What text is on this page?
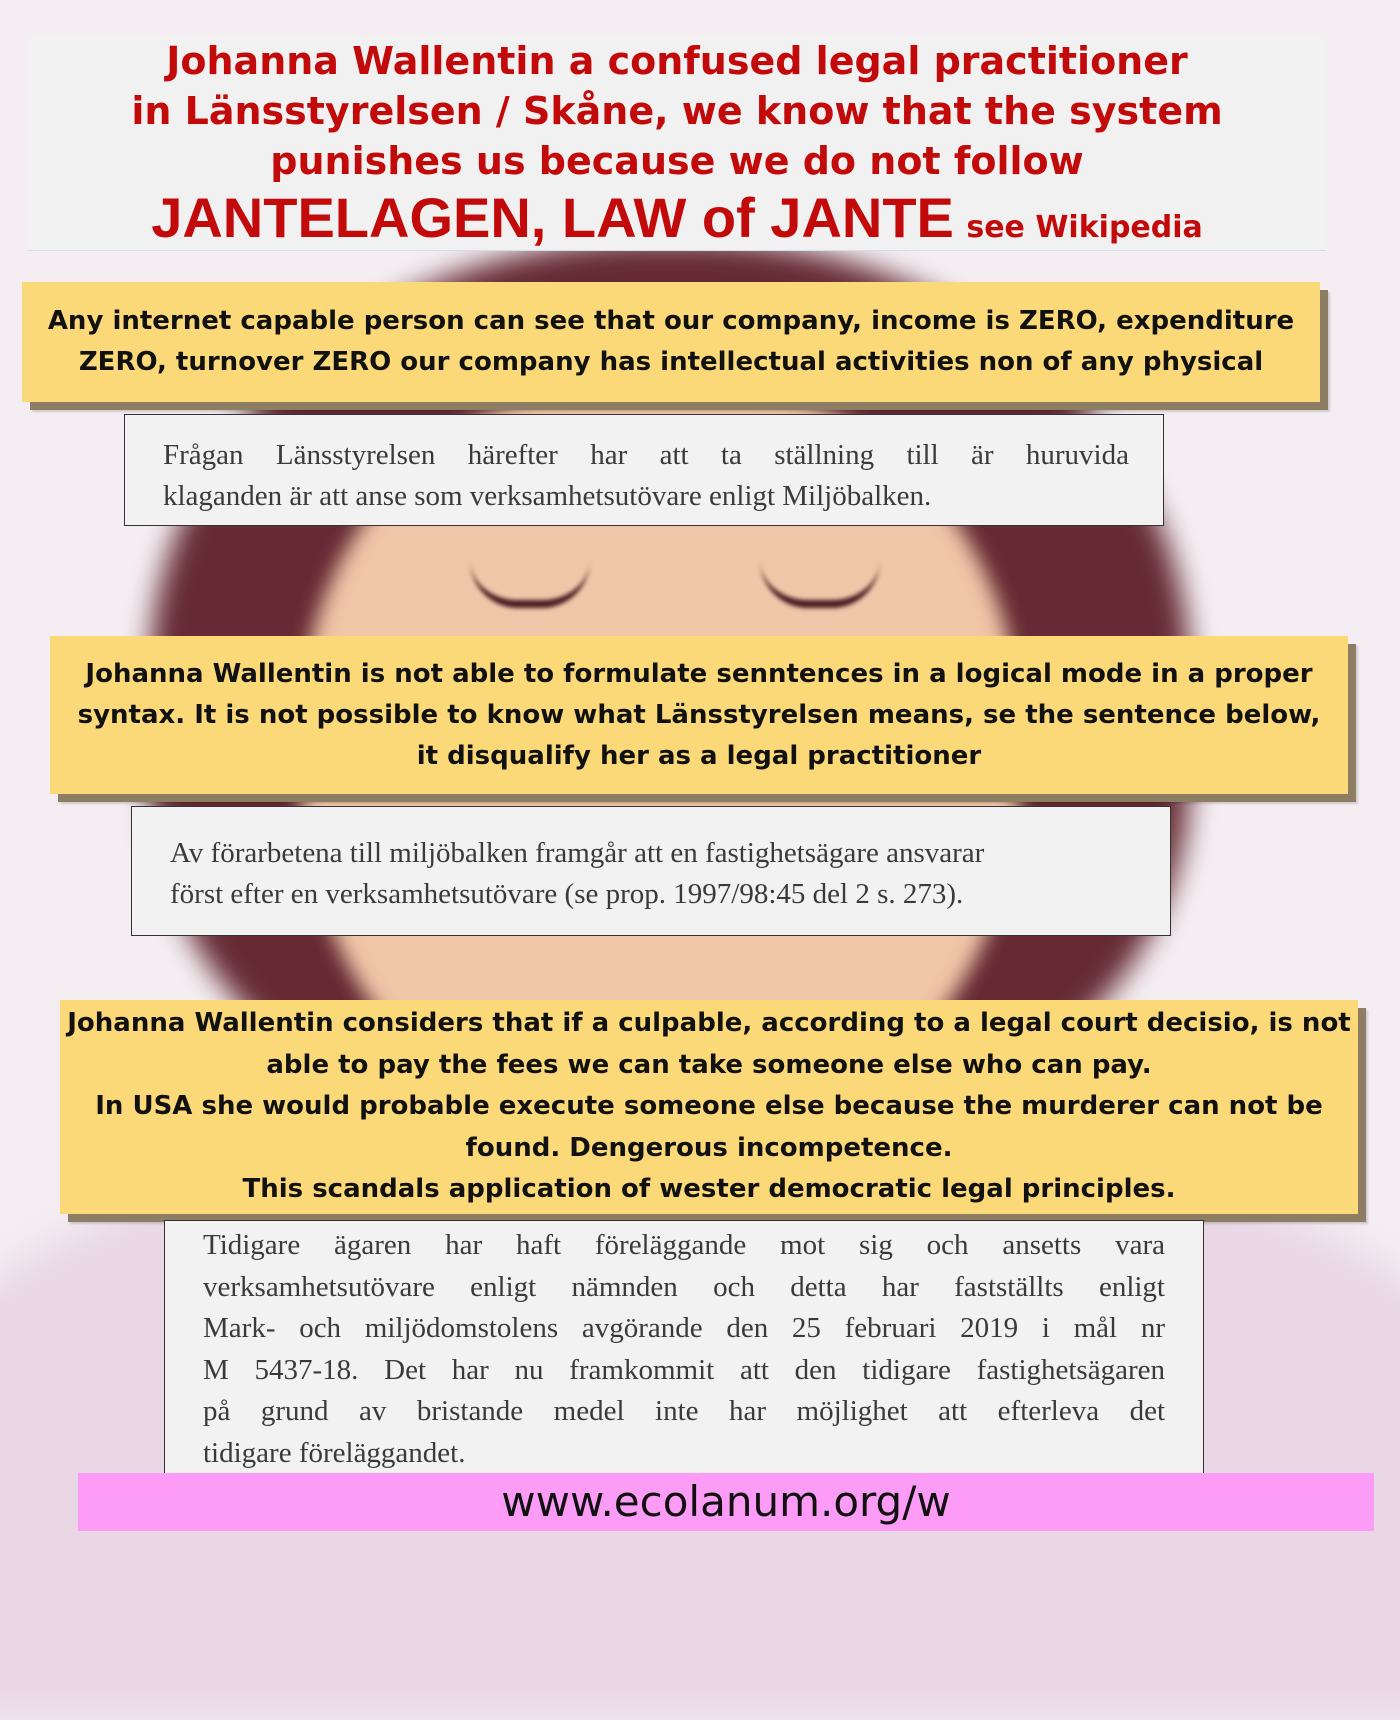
Johanna Wallentin a confused legal practitioner
in Länsstyrelsen / Skåne, we know that the system
punishes us because we do not follow
JANTELAGEN, LAW of JANTE see Wikipedia
Any internet capable person can see that our company, income is ZERO, expenditure
ZERO, turnover ZERO our company has intellectual activities non of any physical
Frågan Länsstyrelsen härefter har att ta ställning till är huruvida
klaganden är att anse som verksamhetsutövare enligt Miljöbalken.
Johanna Wallentin is not able to formulate senntences in a logical mode in a proper
syntax. It is not possible to know what Länsstyrelsen means, se the sentence below,
it disqualify her as a legal practitioner
Av förarbetena till miljöbalken framgår att en fastighetsägare ansvarar
först efter en verksamhetsutövare (se prop. 1997/98:45 del 2 s. 273).
Johanna Wallentin considers that if a culpable, according to a legal court decisio, is not
able to pay the fees we can take someone else who can pay.
In USA she would probable execute someone else because the murderer can not be
found. Dengerous incompetence.
This scandals application of wester democratic legal principles.
Tidigare ägaren har haft föreläggande mot sig och ansetts vara
verksamhetsutövare enligt nämnden och detta har fastställts enligt
Mark- och miljödomstolens avgörande den 25 februari 2019 i mål nr
M 5437-18. Det har nu framkommit att den tidigare fastighetsägaren
på grund av bristande medel inte har möjlighet att efterleva det
tidigare föreläggandet.
www.ecolanum.org/w
